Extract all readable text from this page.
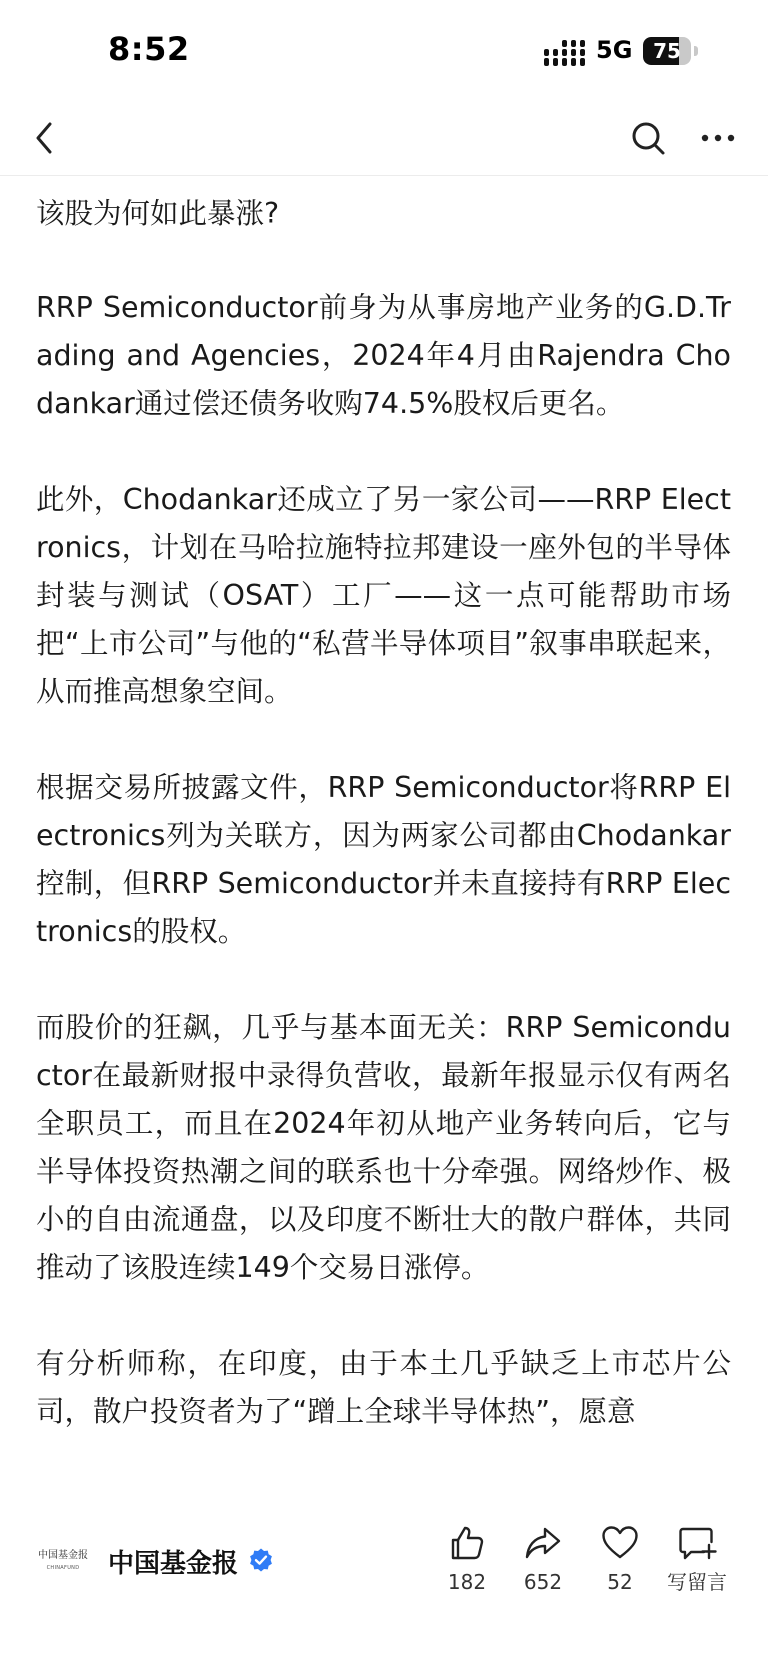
8:52	5G	75

该股为何如此暴涨?

RRP Semiconductor前身为从事房地产业务的G.D.Trading and Agencies，2024年4月由Rajendra Chodankar通过偿还债务收购74.5%股权后更名。

此外，Chodankar还成立了另一家公司——RRP Electronics，计划在马哈拉施特拉邦建设一座外包的半导体封装与测试（OSAT）工厂——这一点可能帮助市场把“上市公司”与他的“私营半导体项目”叙事串联起来，从而推高想象空间。

根据交易所披露文件，RRP Semiconductor将RRP Electronics列为关联方，因为两家公司都由Chodankar控制，但RRP Semiconductor并未直接持有RRP Electronics的股权。

而股价的狂飙，几乎与基本面无关：RRP Semiconductor在最新财报中录得负营收，最新年报显示仅有两名全职员工，而且在2024年初从地产业务转向后，它与半导体投资热潮之间的联系也十分牵强。网络炒作、极小的自由流通盘，以及印度不断壮大的散户群体，共同推动了该股连续149个交易日涨停。

有分析师称，在印度，由于本土几乎缺乏上市芯片公司，散户投资者为了“蹭上全球半导体热”，愿意

中国基金报
CHINAFUND	中国基金报
182	652	52	写留言
